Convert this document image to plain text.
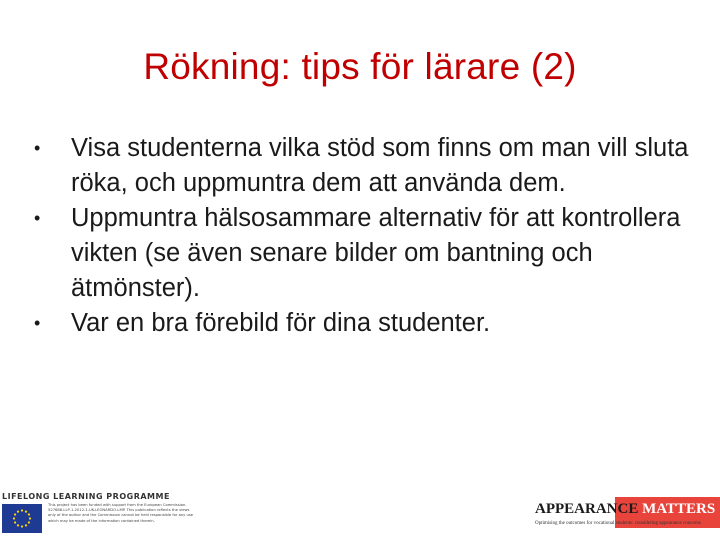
Rökning: tips för lärare (2)
•	Visa studenterna vilka stöd som finns om man vill sluta röka, och uppmuntra dem att använda dem.
•	Uppmuntra hälsosammare alternativ för att kontrollera vikten (se även senare bilder om bantning och ätmönster).
•	Var en bra förebild för dina studenter.
LIFELONG LEARNING PROGRAMME
This project has been funded with support from the European Commission. 527688-LLP-1-2012-1-UK-LEONARDO-LMP. This publication reflects the views only of the author and the Commission cannot be held responsible for any use which may be made of the information contained therein.
APPEARANCE MATTERS
Optimising the outcomes for vocational students: considering appearance concerns
